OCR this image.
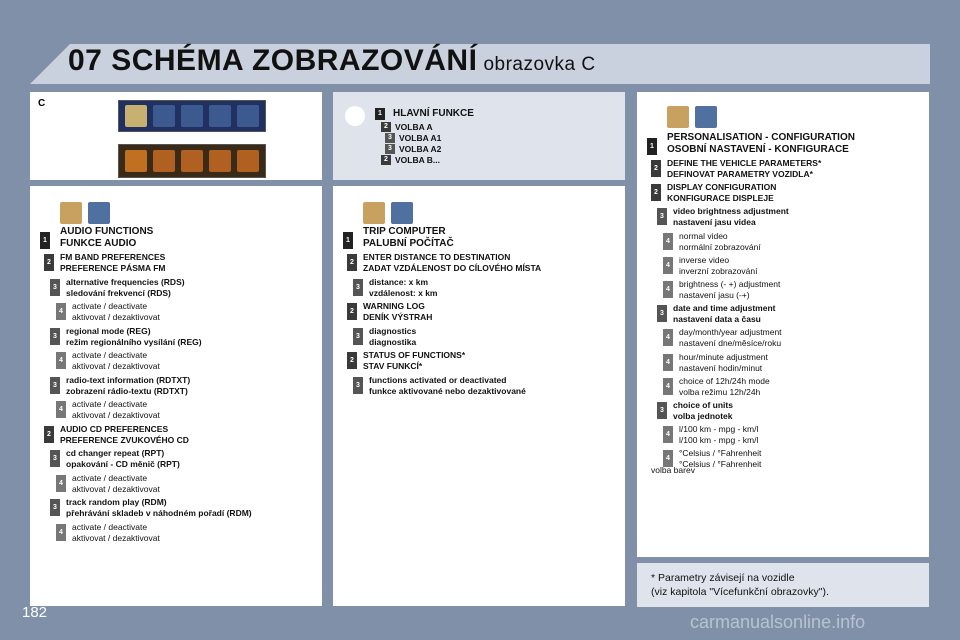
07 SCHÉMA ZOBRAZOVÁNÍ obrazovka C
C
1	HLAVNÍ FUNKCE
2 VOLBA A
3 VOLBA A1
3 VOLBA A2
2 VOLBA B...
1
AUDIO FUNCTIONS
FUNKCE AUDIO
2
FM BAND PREFERENCES
PREFERENCE PÁSMA FM
3
alternative frequencies (RDS)
sledování frekvencí (RDS)
4
activate / deactivate
aktivovat / dezaktivovat
3
regional mode (REG)
režim regionálního vysílání (REG)
4
activate / deactivate
aktivovat / dezaktivovat
3
radio-text information (RDTXT)
zobrazení rádio-textu (RDTXT)
4
activate / deactivate
aktivovat / dezaktivovat
2
AUDIO CD PREFERENCES
PREFERENCE ZVUKOVÉHO CD
3
cd changer repeat (RPT)
opakování - CD měnič (RPT)
4
activate / deactivate
aktivovat / dezaktivovat
3
track random play (RDM)
přehrávání skladeb v náhodném pořadí (RDM)
4
activate / deactivate
aktivovat / dezaktivovat
1
TRIP COMPUTER
PALUBNÍ POČÍTAČ
2
ENTER DISTANCE TO DESTINATION
ZADAT VZDÁLENOST DO CÍLOVÉHO MÍSTA
3
distance: x km
vzdálenost: x km
2
WARNING LOG
DENÍK VÝSTRAH
3
diagnostics
diagnostika
2
STATUS OF FUNCTIONS*
STAV FUNKCÍ*
3
functions activated or deactivated
funkce aktivované nebo dezaktivované
1
PERSONALISATION - CONFIGURATION
OSOBNÍ NASTAVENÍ - KONFIGURACE
2
DEFINE THE VEHICLE PARAMETERS*
DEFINOVAT PARAMETRY VOZIDLA*
2
DISPLAY CONFIGURATION
KONFIGURACE DISPLEJE
3
video brightness adjustment
nastavení jasu videa
4
normal video
normální zobrazování
4
inverse video
inverzní zobrazování
4
brightness (- +) adjustment
nastavení jasu (-+)
3
date and time adjustment
nastavení data a času
4
day/month/year adjustment
nastavení dne/měsíce/roku
4
hour/minute adjustment
nastavení hodin/minut
4
choice of 12h/24h mode
volba režimu 12h/24h
3
choice of units
volba jednotek
4
l/100 km - mpg - km/l
l/100 km - mpg - km/l
4
°Celsius / °Fahrenheit
°Celsius / °Fahrenheit
volba barev
* Parametry závisejí na vozidle
(viz kapitola "Vícefunkční obrazovky").
182	carmanualsonline.info
